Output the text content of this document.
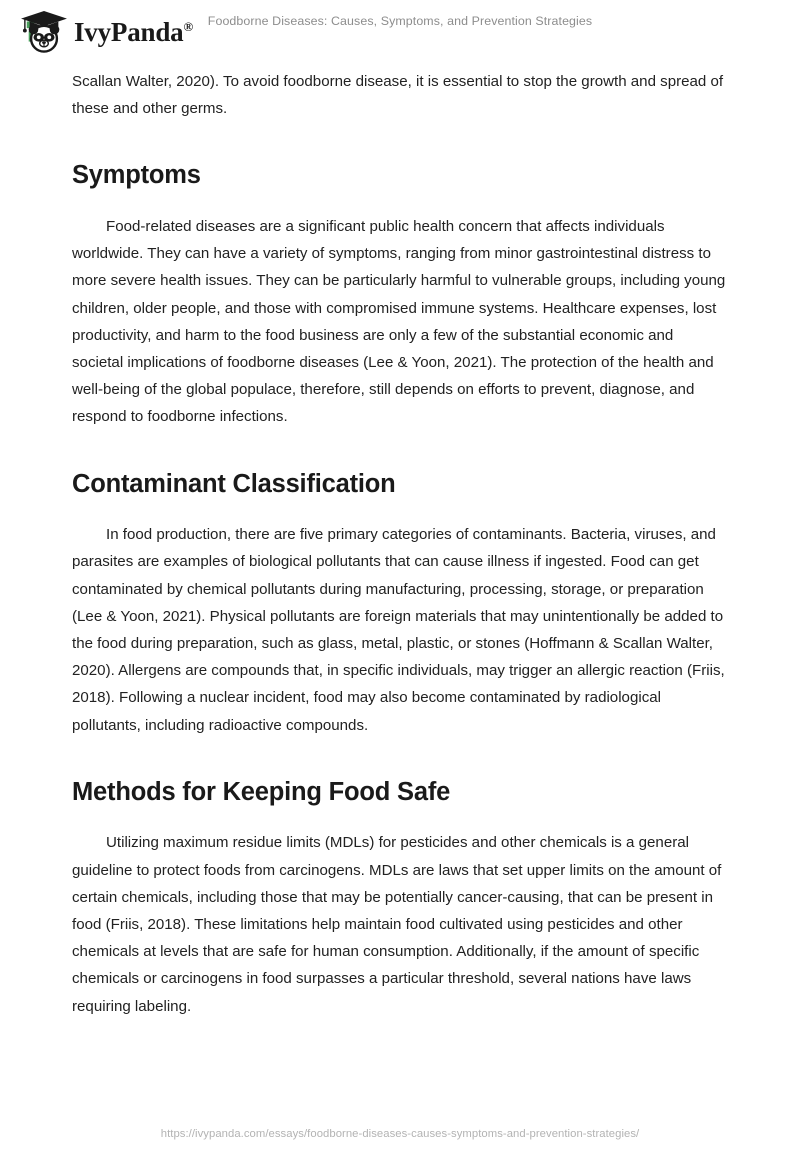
IvyPanda®	Foodborne Diseases: Causes, Symptoms, and Prevention Strategies

Scallan Walter, 2020). To avoid foodborne disease, it is essential to stop the growth and spread of these and other germs.

Symptoms

Food-related diseases are a significant public health concern that affects individuals worldwide. They can have a variety of symptoms, ranging from minor gastrointestinal distress to more severe health issues. They can be particularly harmful to vulnerable groups, including young children, older people, and those with compromised immune systems. Healthcare expenses, lost productivity, and harm to the food business are only a few of the substantial economic and societal implications of foodborne diseases (Lee & Yoon, 2021). The protection of the health and well-being of the global populace, therefore, still depends on efforts to prevent, diagnose, and respond to foodborne infections.

Contaminant Classification

In food production, there are five primary categories of contaminants. Bacteria, viruses, and parasites are examples of biological pollutants that can cause illness if ingested. Food can get contaminated by chemical pollutants during manufacturing, processing, storage, or preparation (Lee & Yoon, 2021). Physical pollutants are foreign materials that may unintentionally be added to the food during preparation, such as glass, metal, plastic, or stones (Hoffmann & Scallan Walter, 2020). Allergens are compounds that, in specific individuals, may trigger an allergic reaction (Friis, 2018). Following a nuclear incident, food may also become contaminated by radiological pollutants, including radioactive compounds.

Methods for Keeping Food Safe

Utilizing maximum residue limits (MDLs) for pesticides and other chemicals is a general guideline to protect foods from carcinogens. MDLs are laws that set upper limits on the amount of certain chemicals, including those that may be potentially cancer-causing, that can be present in food (Friis, 2018). These limitations help maintain food cultivated using pesticides and other chemicals at levels that are safe for human consumption. Additionally, if the amount of specific chemicals or carcinogens in food surpasses a particular threshold, several nations have laws requiring labeling.

https://ivypanda.com/essays/foodborne-diseases-causes-symptoms-and-prevention-strategies/
